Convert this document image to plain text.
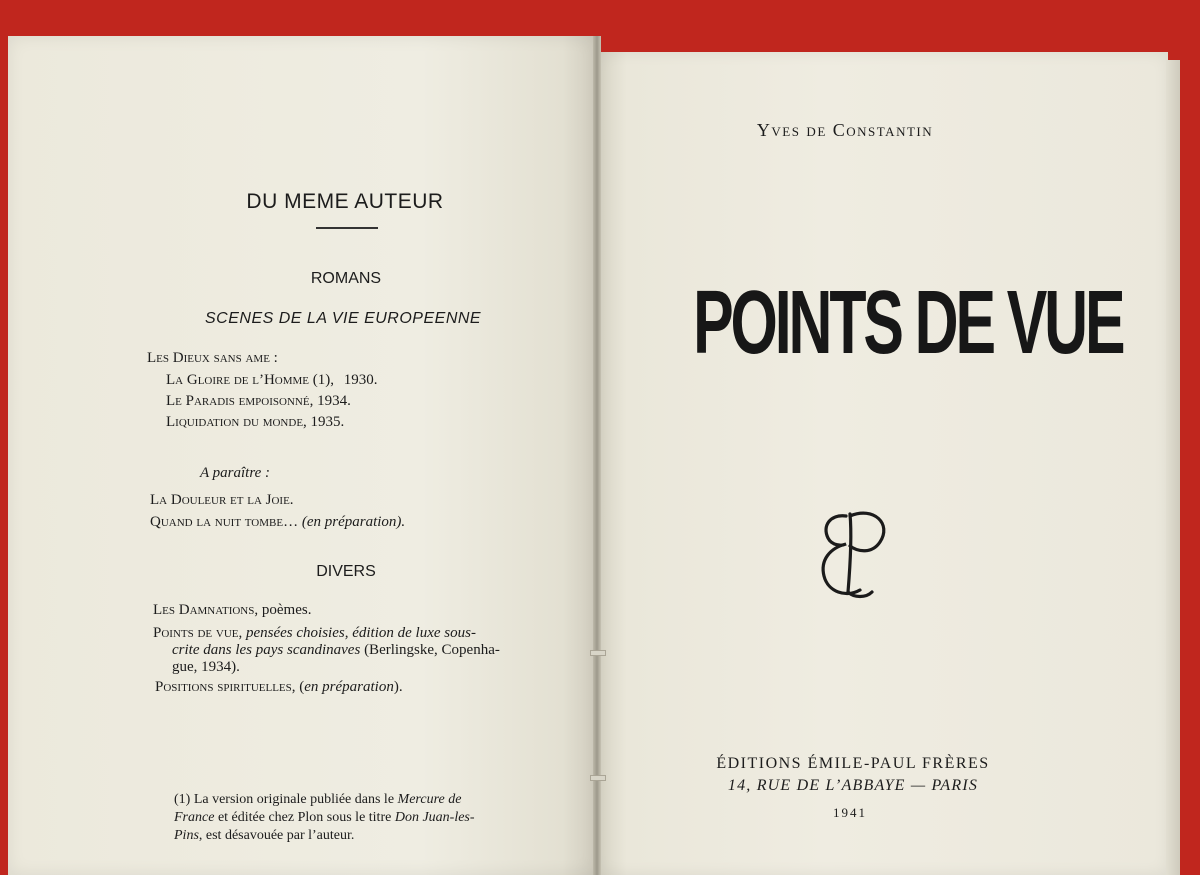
DU MEME AUTEUR
ROMANS
SCENES DE LA VIE EUROPEENNE
Les Dieux sans ame :
La Gloire de l’Homme (1), 1930.
Le Paradis empoisonné, 1934.
Liquidation du monde, 1935.
A paraître :
La Douleur et la Joie.
Quand la nuit tombe… (en préparation).
DIVERS
Les Damnations, poèmes.
Points de vue, pensées choisies, édition de luxe sous-
crite dans les pays scandinaves (Berlingske, Copenha-
gue, 1934).
Positions spirituelles, (en préparation).
(1) La version originale publiée dans le Mercure de
France et éditée chez Plon sous le titre Don Juan-les-
Pins, est désavouée par l’auteur.
Yves de Constantin
POINTS DE VUE
ÉDITIONS ÉMILE-PAUL FRÈRES
14, RUE DE L’ABBAYE — PARIS
1941
